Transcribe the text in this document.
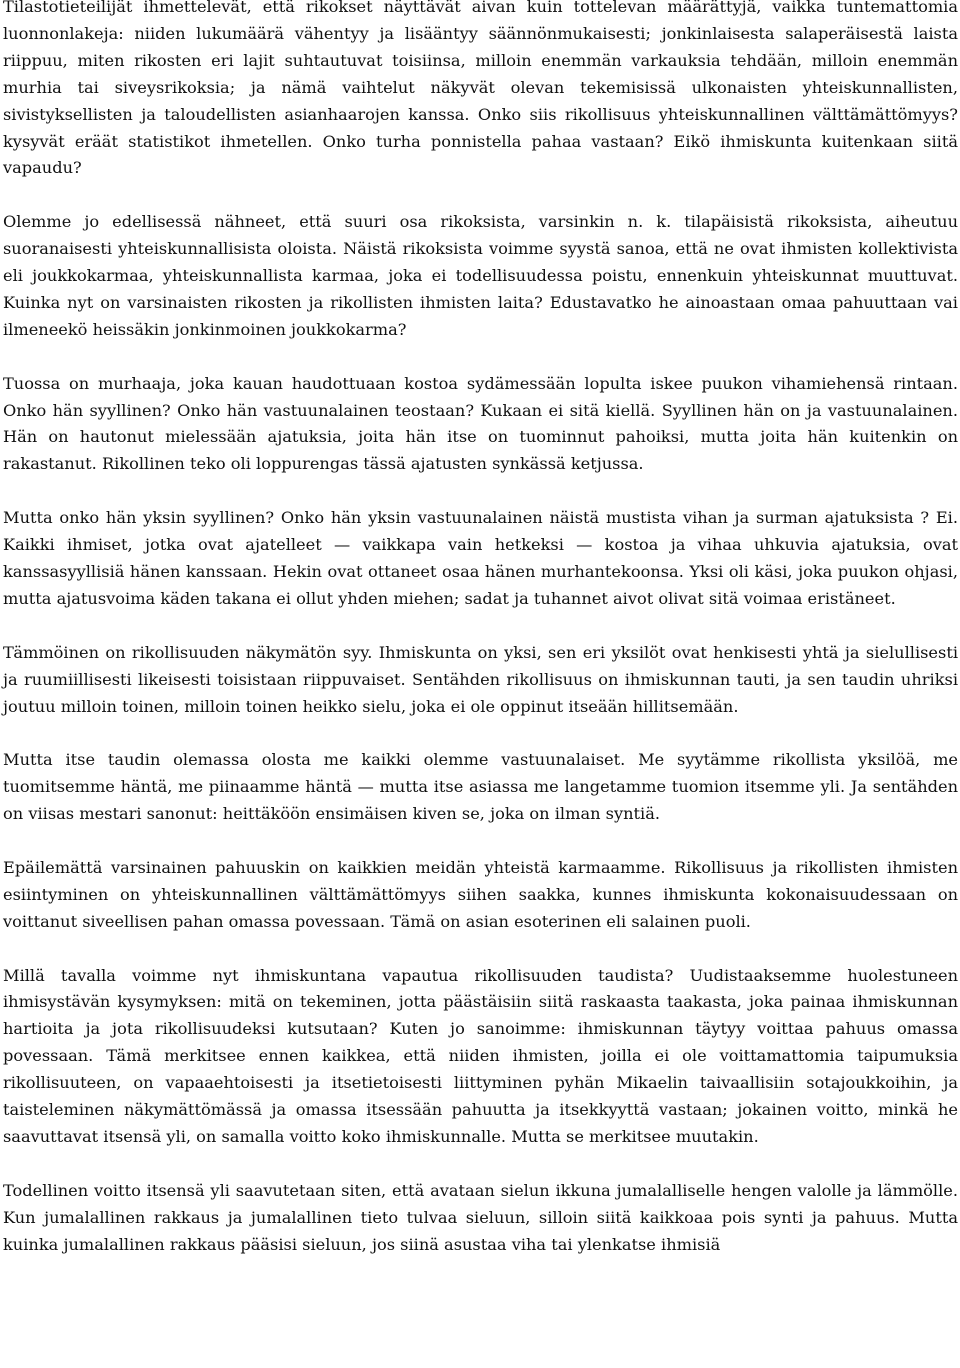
Tilastotieteilijät ihmettelevät, että rikokset näyttävät aivan kuin tottelevan määrättyjä, vaikka tuntemattomia luonnonlakeja: niiden lukumäärä vähentyy ja lisääntyy säännönmukaisesti; jonkinlaisesta salaperäisestä laista riippuu, miten rikosten eri lajit suhtautuvat toisiinsa, milloin enemmän varkauksia tehdään, milloin enemmän murhia tai siveysrikoksia; ja nämä vaihtelut näkyvät olevan tekemisissä ulkonaisten yhteiskunnallisten, sivistyksellisten ja taloudellisten asianhaarojen kanssa. Onko siis rikollisuus yhteiskunnallinen välttämättömyys? kysyvät eräät statistikot ihmetellen. Onko turha ponnistella pahaa vastaan? Eikö ihmiskunta kuitenkaan siitä vapaudu?

Olemme jo edellisessä nähneet, että suuri osa rikoksista, varsinkin n. k. tilapäisistä rikoksista, aiheutuu suoranaisesti yhteiskunnallisista oloista. Näistä rikoksista voimme syystä sanoa, että ne ovat ihmisten kollektivista eli joukkokarmaa, yhteiskunnallista karmaa, joka ei todellisuudessa poistu, ennenkuin yhteiskunnat muuttuvat. Kuinka nyt on varsinaisten rikosten ja rikollisten ihmisten laita? Edustavatko he ainoastaan omaa pahuuttaan vai ilmeneekö heissäkin jonkinmoinen joukkokarma?

Tuossa on murhaaja, joka kauan haudottuaan kostoa sydämessään lopulta iskee puukon vihamiehensä rintaan. Onko hän syyllinen? Onko hän vastuunalainen teostaan? Kukaan ei sitä kiellä. Syyllinen hän on ja vastuunalainen. Hän on hautonut mielessään ajatuksia, joita hän itse on tuominnut pahoiksi, mutta joita hän kuitenkin on rakastanut. Rikollinen teko oli loppurengas tässä ajatusten synkässä ketjussa.

Mutta onko hän yksin syyllinen? Onko hän yksin vastuunalainen näistä mustista vihan ja surman ajatuksista ? Ei. Kaikki ihmiset, jotka ovat ajatelleet — vaikkapa vain hetkeksi — kostoa ja vihaa uhkuvia ajatuksia, ovat kanssasyyllisiä hänen kanssaan. Hekin ovat ottaneet osaa hänen murhantekoonsa. Yksi oli käsi, joka puukon ohjasi, mutta ajatusvoima käden takana ei ollut yhden miehen; sadat ja tuhannet aivot olivat sitä voimaa eristäneet.

Tämmöinen on rikollisuuden näkymätön syy. Ihmiskunta on yksi, sen eri yksilöt ovat henkisesti yhtä ja sielullisesti ja ruumiillisesti likeisesti toisistaan riippuvaiset. Sentähden rikollisuus on ihmiskunnan tauti, ja sen taudin uhriksi joutuu milloin toinen, milloin toinen heikko sielu, joka ei ole oppinut itseään hillitsemään.

Mutta itse taudin olemassa olosta me kaikki olemme vastuunalaiset. Me syytämme rikollista yksilöä, me tuomitsemme häntä, me piinaamme häntä — mutta itse asiassa me langetamme tuomion itsemme yli. Ja sentähden on viisas mestari sanonut: heittäköön ensimäisen kiven se, joka on ilman syntiä.

Epäilemättä varsinainen pahuuskin on kaikkien meidän yhteistä karmaamme. Rikollisuus ja rikollisten ihmisten esiintyminen on yhteiskunnallinen välttämättömyys siihen saakka, kunnes ihmiskunta kokonaisuudessaan on voittanut siveellisen pahan omassa povessaan. Tämä on asian esoterinen eli salainen puoli.

Millä tavalla voimme nyt ihmiskuntana vapautua rikollisuuden taudista? Uudistaaksemme huolestuneen ihmisystävän kysymyksen: mitä on tekeminen, jotta päästäisiin siitä raskaasta taakasta, joka painaa ihmiskunnan hartioita ja jota rikollisuudeksi kutsutaan? Kuten jo sanoimme: ihmiskunnan täytyy voittaa pahuus omassa povessaan. Tämä merkitsee ennen kaikkea, että niiden ihmisten, joilla ei ole voittamattomia taipumuksia rikollisuuteen, on vapaaehtoisesti ja itsetietoisesti liittyminen pyhän Mikaelin taivaallisiin sotajoukkoihin, ja taisteleminen näkymättömässä ja omassa itsessään pahuutta ja itsekkyyttä vastaan; jokainen voitto, minkä he saavuttavat itsensä yli, on samalla voitto koko ihmiskunnalle. Mutta se merkitsee muutakin.

Todellinen voitto itsensä yli saavutetaan siten, että avataan sielun ikkuna jumalalliselle hengen valolle ja lämmölle. Kun jumalallinen rakkaus ja jumalallinen tieto tulvaa sieluun, silloin siitä kaikkoaa pois synti ja pahuus. Mutta kuinka jumalallinen rakkaus pääsisi sieluun, jos siinä asustaa viha tai ylenkatse ihmisiä
